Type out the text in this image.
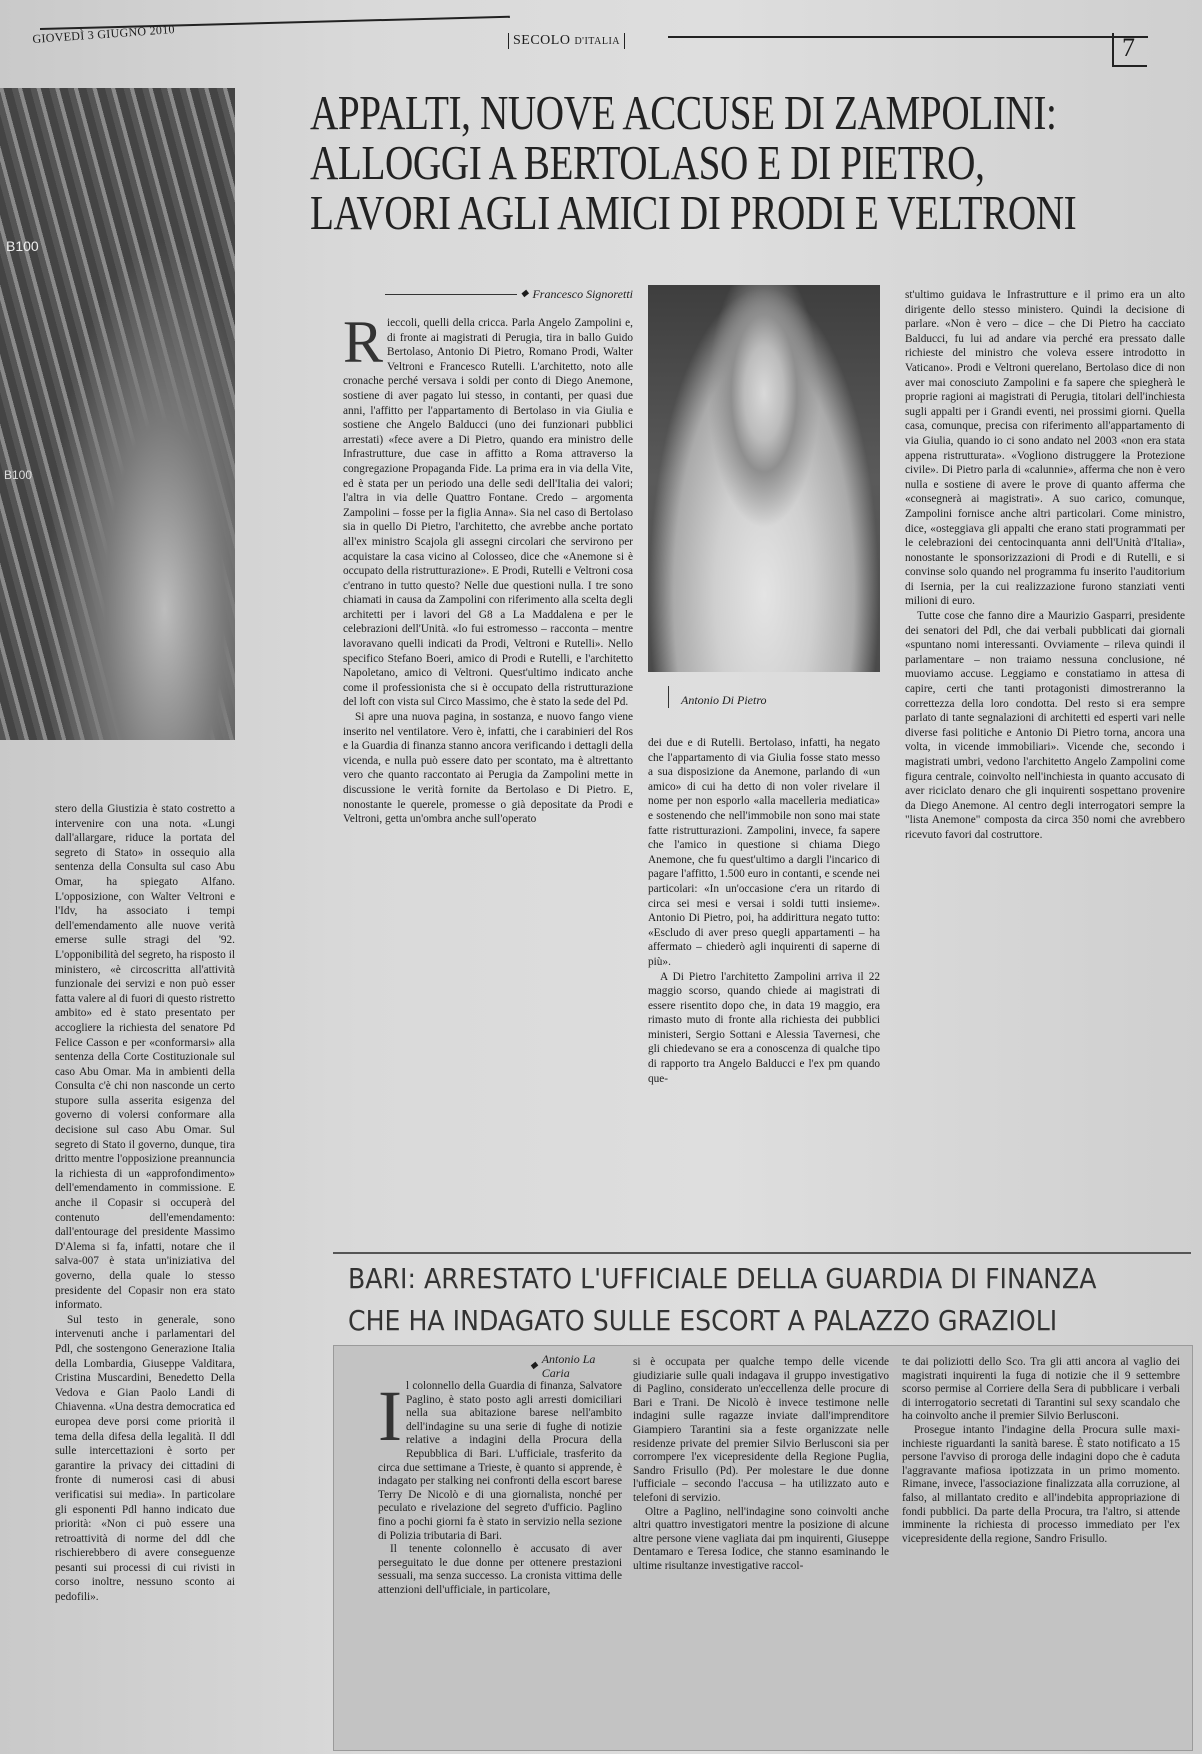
GIOVEDÌ 3 GIUGNO 2010	SECOLO D'ITALIA	7
B100
B100
APPALTI, NUOVE ACCUSE DI ZAMPOLINI:
ALLOGGI A BERTOLASO E DI PIETRO,
LAVORI AGLI AMICI DI PRODI E VELTRONI
◆ Francesco Signoretti
R ieccoli, quelli della cricca. Parla Angelo Zampolini e, di fronte ai magistrati di Perugia, tira in ballo Guido Bertolaso, Antonio Di Pietro, Romano Prodi, Walter Veltroni e Francesco Rutelli. L'architetto, noto alle cronache perché versava i soldi per conto di Diego Anemone, sostiene di aver pagato lui stesso, in contanti, per quasi due anni, l'affitto per l'appartamento di Bertolaso in via Giulia e sostiene che Angelo Balducci (uno dei funzionari pubblici arrestati) «fece avere a Di Pietro, quando era ministro delle Infrastrutture, due case in affitto a Roma attraverso la congregazione Propaganda Fide. La prima era in via della Vite, ed è stata per un periodo una delle sedi dell'Italia dei valori; l'altra in via delle Quattro Fontane. Credo – argomenta Zampolini – fosse per la figlia Anna». Sia nel caso di Bertolaso sia in quello Di Pietro, l'architetto, che avrebbe anche portato all'ex ministro Scajola gli assegni circolari che servirono per acquistare la casa vicino al Colosseo, dice che «Anemone si è occupato della ristrutturazione». E Prodi, Rutelli e Veltroni cosa c'entrano in tutto questo? Nelle due questioni nulla. I tre sono chiamati in causa da Zampolini con riferimento alla scelta degli architetti per i lavori del G8 a La Maddalena e per le celebrazioni dell'Unità. «Io fui estromesso – racconta – mentre lavoravano quelli indicati da Prodi, Veltroni e Rutelli». Nello specifico Stefano Boeri, amico di Prodi e Rutelli, e l'architetto Napoletano, amico di Veltroni. Quest'ultimo indicato anche come il professionista che si è occupato della ristrutturazione del loft con vista sul Circo Massimo, che è stato la sede del Pd.

Si apre una nuova pagina, in sostanza, e nuovo fango viene inserito nel ventilatore. Vero è, infatti, che i carabinieri del Ros e la Guardia di finanza stanno ancora verificando i dettagli della vicenda, e nulla può essere dato per scontato, ma è altrettanto vero che quanto raccontato ai Perugia da Zampolini mette in discussione le verità fornite da Bertolaso e Di Pietro. E, nonostante le querele, promesse o già depositate da Prodi e Veltroni, getta un'ombra anche sull'operato

Antonio Di Pietro

dei due e di Rutelli. Bertolaso, infatti, ha negato che l'appartamento di via Giulia fosse stato messo a sua disposizione da Anemone, parlando di «un amico» di cui ha detto di non voler rivelare il nome per non esporlo «alla macelleria mediatica» e sostenendo che nell'immobile non sono mai state fatte ristrutturazioni. Zampolini, invece, fa sapere che l'amico in questione si chiama Diego Anemone, che fu quest'ultimo a dargli l'incarico di pagare l'affitto, 1.500 euro in contanti, e scende nei particolari: «In un'occasione c'era un ritardo di circa sei mesi e versai i soldi tutti insieme». Antonio Di Pietro, poi, ha addirittura negato tutto: «Escludo di aver preso quegli appartamenti – ha affermato – chiederò agli inquirenti di saperne di più».

A Di Pietro l'architetto Zampolini arriva il 22 maggio scorso, quando chiede ai magistrati di essere risentito dopo che, in data 19 maggio, era rimasto muto di fronte alla richiesta dei pubblici ministeri, Sergio Sottani e Alessia Tavernesi, che gli chiedevano se era a conoscenza di qualche tipo di rapporto tra Angelo Balducci e l'ex pm quando que-

st'ultimo guidava le Infrastrutture e il primo era un alto dirigente dello stesso ministero. Quindi la decisione di parlare. «Non è vero – dice – che Di Pietro ha cacciato Balducci, fu lui ad andare via perché era pressato dalle richieste del ministro che voleva essere introdotto in Vaticano». Prodi e Veltroni querelano, Bertolaso dice di non aver mai conosciuto Zampolini e fa sapere che spiegherà le proprie ragioni ai magistrati di Perugia, titolari dell'inchiesta sugli appalti per i Grandi eventi, nei prossimi giorni. Quella casa, comunque, precisa con riferimento all'appartamento di via Giulia, quando io ci sono andato nel 2003 «non era stata appena ristrutturata». «Vogliono distruggere la Protezione civile». Di Pietro parla di «calunnie», afferma che non è vero nulla e sostiene di avere le prove di quanto afferma che «consegnerà ai magistrati». A suo carico, comunque, Zampolini fornisce anche altri particolari. Come ministro, dice, «osteggiava gli appalti che erano stati programmati per le celebrazioni dei centocinquanta anni dell'Unità d'Italia», nonostante le sponsorizzazioni di Prodi e di Rutelli, e si convinse solo quando nel programma fu inserito l'auditorium di Isernia, per la cui realizzazione furono stanziati venti milioni di euro.

Tutte cose che fanno dire a Maurizio Gasparri, presidente dei senatori del Pdl, che dai verbali pubblicati dai giornali «spuntano nomi interessanti. Ovviamente – rileva quindi il parlamentare – non traiamo nessuna conclusione, né muoviamo accuse. Leggiamo e constatiamo in attesa di capire, certi che tanti protagonisti dimostreranno la correttezza della loro condotta. Del resto si era sempre parlato di tante segnalazioni di architetti ed esperti vari nelle diverse fasi politiche e Antonio Di Pietro torna, ancora una volta, in vicende immobiliari». Vicende che, secondo i magistrati umbri, vedono l'architetto Angelo Zampolini come figura centrale, coinvolto nell'inchiesta in quanto accusato di aver riciclato denaro che gli inquirenti sospettano provenire da Diego Anemone. Al centro degli interrogatori sempre la "lista Anemone" composta da circa 350 nomi che avrebbero ricevuto favori dal costruttore.

stero della Giustizia è stato costretto a intervenire con una nota. «Lungi dall'allargare, riduce la portata del segreto di Stato» in ossequio alla sentenza della Consulta sul caso Abu Omar, ha spiegato Alfano. L'opposizione, con Walter Veltroni e l'Idv, ha associato i tempi dell'emendamento alle nuove verità emerse sulle stragi del '92. L'opponibilità del segreto, ha risposto il ministero, «è circoscritta all'attività funzionale dei servizi e non può esser fatta valere al di fuori di questo ristretto ambito» ed è stato presentato per accogliere la richiesta del senatore Pd Felice Casson e per «conformarsi» alla sentenza della Corte Costituzionale sul caso Abu Omar. Ma in ambienti della Consulta c'è chi non nasconde un certo stupore sulla asserita esigenza del governo di volersi conformare alla decisione sul caso Abu Omar. Sul segreto di Stato il governo, dunque, tira dritto mentre l'opposizione preannuncia la richiesta di un «approfondimento» dell'emendamento in commissione. E anche il Copasir si occuperà del contenuto dell'emendamento: dall'entourage del presidente Massimo D'Alema si fa, infatti, notare che il salva-007 è stata un'iniziativa del governo, della quale lo stesso presidente del Copasir non era stato informato.

Sul testo in generale, sono intervenuti anche i parlamentari del Pdl, che sostengono Generazione Italia della Lombardia, Giuseppe Valditara, Cristina Muscardini, Benedetto Della Vedova e Gian Paolo Landi di Chiavenna. «Una destra democratica ed europea deve porsi come priorità il tema della difesa della legalità. Il ddl sulle intercettazioni è sorto per garantire la privacy dei cittadini di fronte di numerosi casi di abusi verificatisi sui media». In particolare gli esponenti Pdl hanno indicato due priorità: «Non ci può essere una retroattività di norme del ddl che rischierebbero di avere conseguenze pesanti sui processi di cui rivisti in corso inoltre, nessuno sconto ai pedofili».

BARI: ARRESTATO L'UFFICIALE DELLA GUARDIA DI FINANZA
CHE HA INDAGATO SULLE ESCORT A PALAZZO GRAZIOLI
◆ Antonio La Caria
I l colonnello della Guardia di finanza, Salvatore Paglino, è stato posto agli arresti domiciliari nella sua abitazione barese nell'ambito dell'indagine su una serie di fughe di notizie relative a indagini della Procura della Repubblica di Bari. L'ufficiale, trasferito da circa due settimane a Trieste, è quanto si apprende, è indagato per stalking nei confronti della escort barese Terry De Nicolò e di una giornalista, nonché per peculato e rivelazione del segreto d'ufficio. Paglino fino a pochi giorni fa è stato in servizio nella sezione di Polizia tributaria di Bari.

Il tenente colonnello è accusato di aver perseguitato le due donne per ottenere prestazioni sessuali, ma senza successo. La cronista vittima delle attenzioni dell'ufficiale, in particolare,

si è occupata per qualche tempo delle vicende giudiziarie sulle quali indagava il gruppo investigativo di Paglino, considerato un'eccellenza delle procure di Bari e Trani. De Nicolò è invece testimone nelle indagini sulle ragazze inviate dall'imprenditore Giampiero Tarantini sia a feste organizzate nelle residenze private del premier Silvio Berlusconi sia per corrompere l'ex vicepresidente della Regione Puglia, Sandro Frisullo (Pd). Per molestare le due donne l'ufficiale – secondo l'accusa – ha utilizzato auto e telefoni di servizio.

Oltre a Paglino, nell'indagine sono coinvolti anche altri quattro investigatori mentre la posizione di alcune altre persone viene vagliata dai pm inquirenti, Giuseppe Dentamaro e Teresa Iodice, che stanno esaminando le ultime risultanze investigative raccol-

te dai poliziotti dello Sco. Tra gli atti ancora al vaglio dei magistrati inquirenti la fuga di notizie che il 9 settembre scorso permise al Corriere della Sera di pubblicare i verbali di interrogatorio secretati di Tarantini sul sexy scandalo che ha coinvolto anche il premier Silvio Berlusconi.

Prosegue intanto l'indagine della Procura sulle maxi-inchieste riguardanti la sanità barese. È stato notificato a 15 persone l'avviso di proroga delle indagini dopo che è caduta l'aggravante mafiosa ipotizzata in un primo momento. Rimane, invece, l'associazione finalizzata alla corruzione, al falso, al millantato credito e all'indebita appropriazione di fondi pubblici. Da parte della Procura, tra l'altro, si attende imminente la richiesta di processo immediato per l'ex vicepresidente della regione, Sandro Frisullo.
